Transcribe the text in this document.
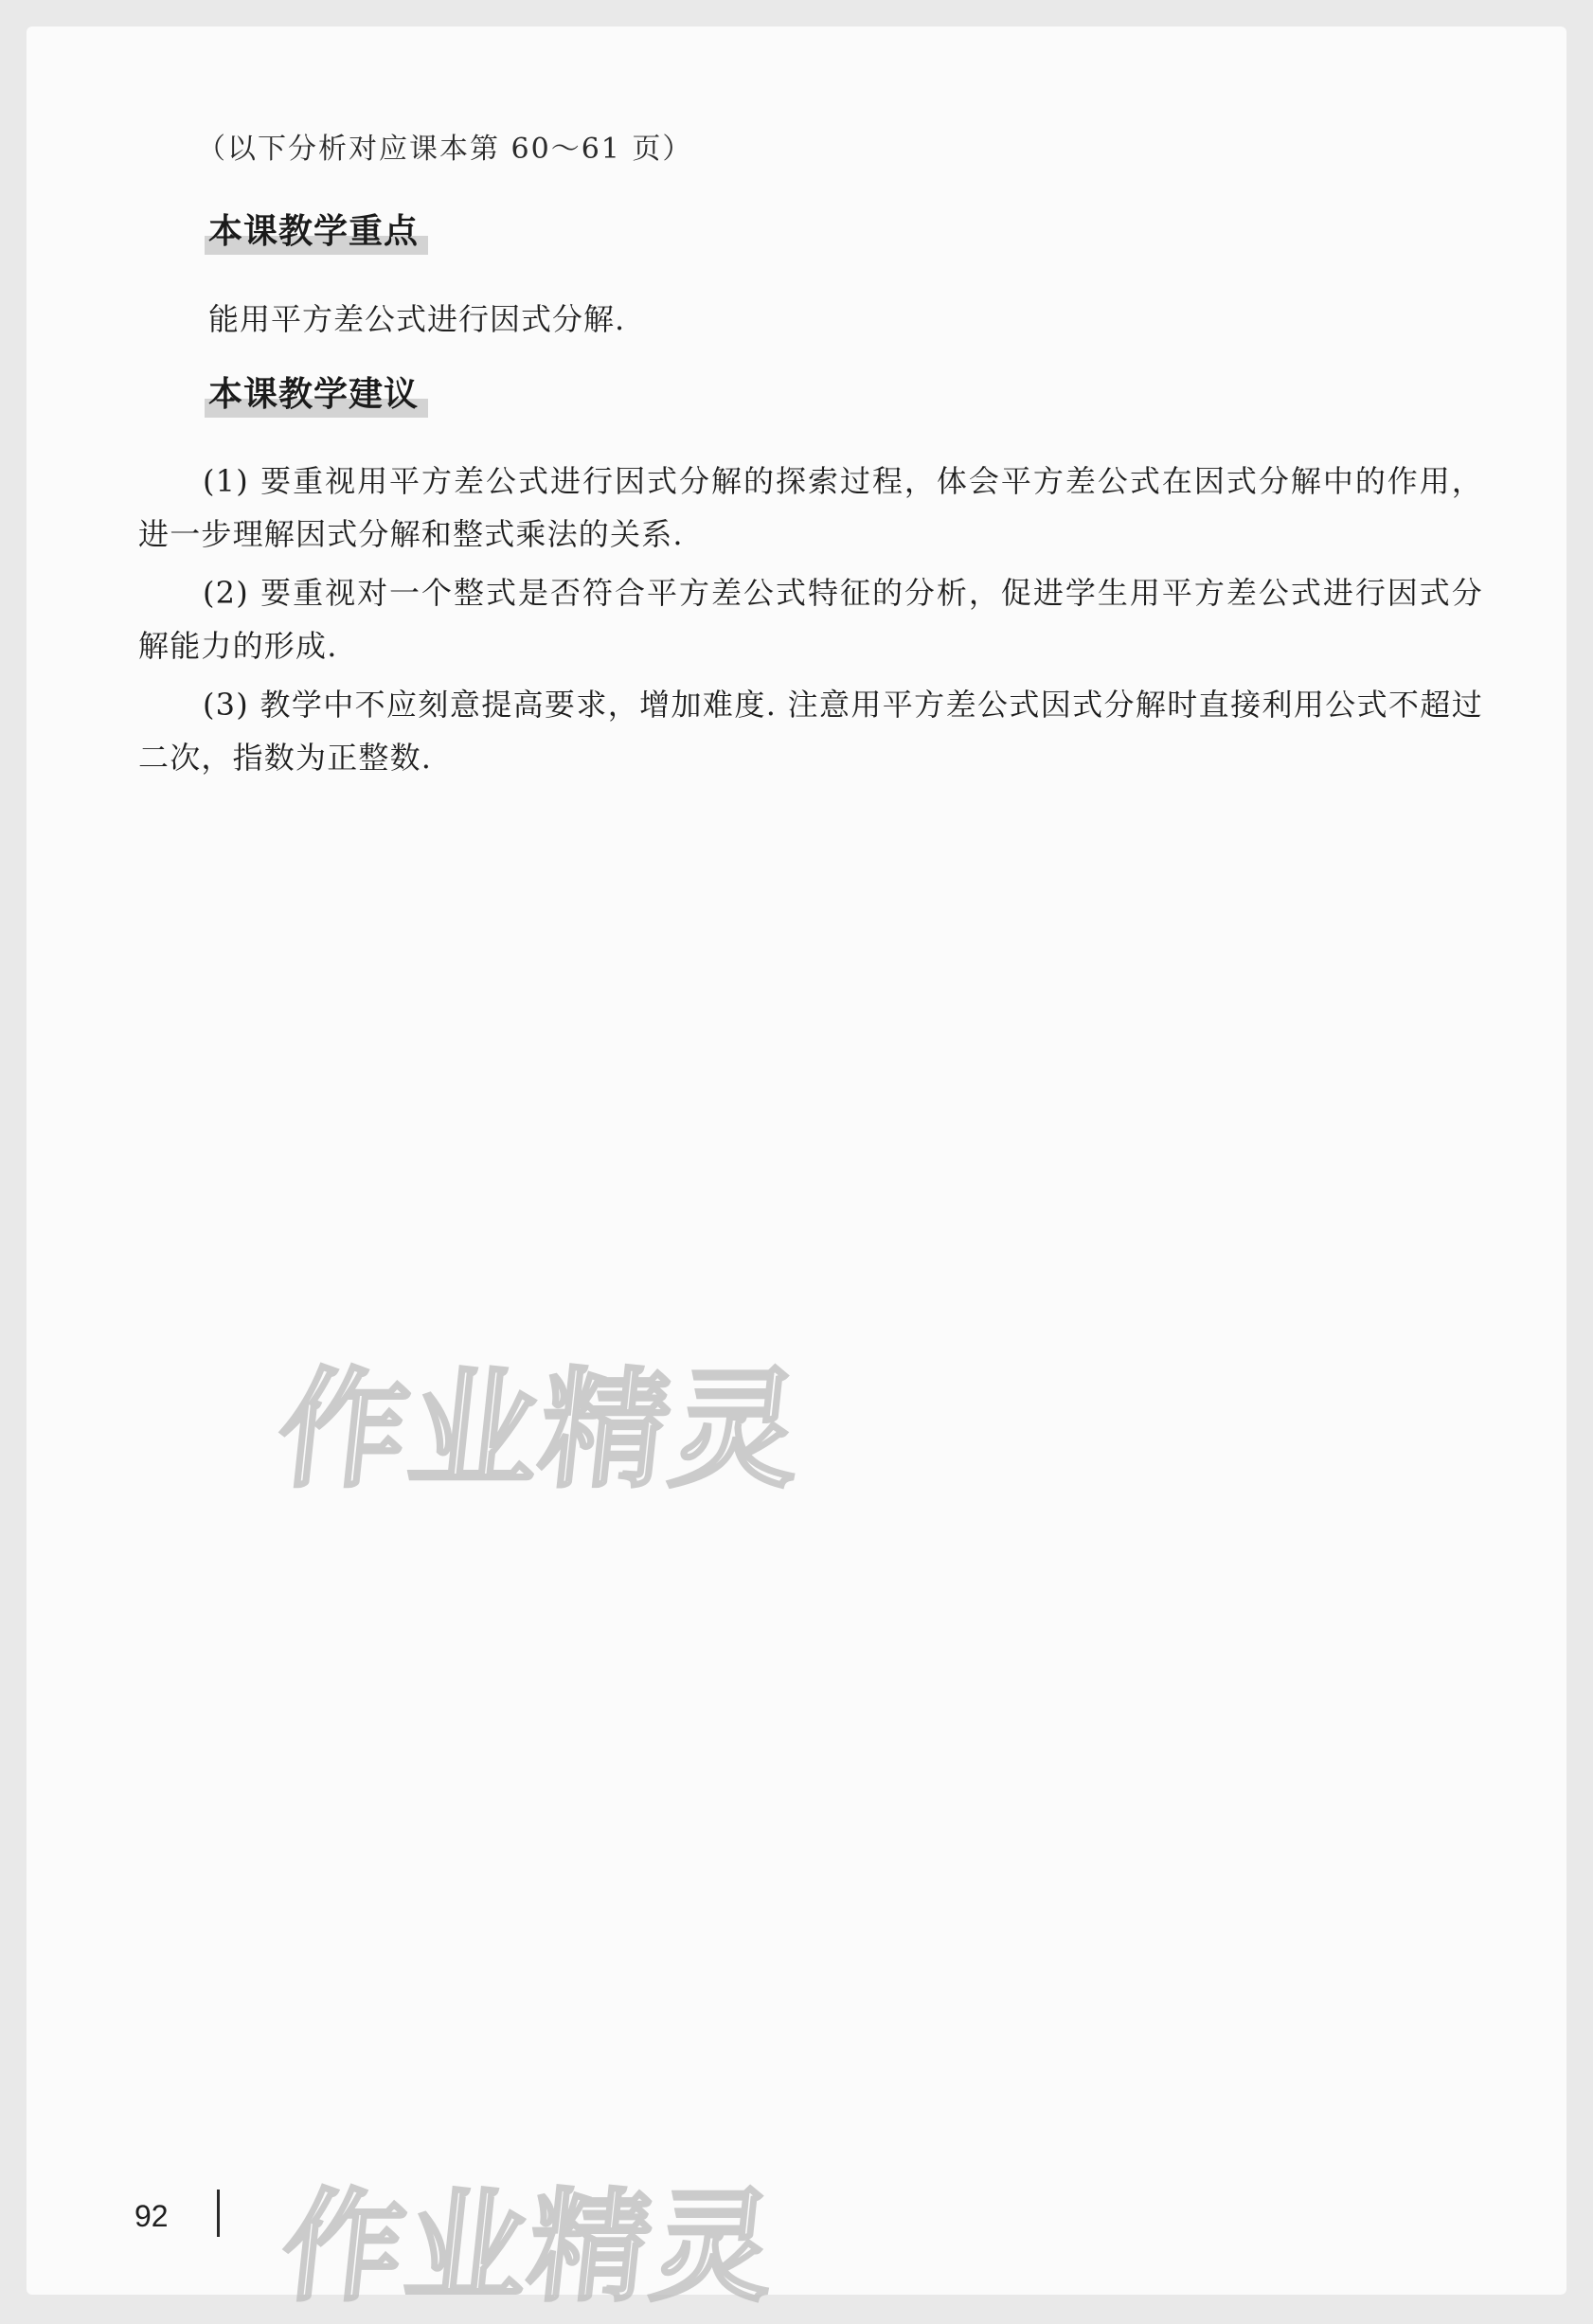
（以下分析对应课本第 60～61 页）
本课教学重点
能用平方差公式进行因式分解.
本课教学建议
(1) 要重视用平方差公式进行因式分解的探索过程，体会平方差公式在因式分解中的作用，进一步理解因式分解和整式乘法的关系.
(2) 要重视对一个整式是否符合平方差公式特征的分析，促进学生用平方差公式进行因式分解能力的形成.
(3) 教学中不应刻意提高要求，增加难度. 注意用平方差公式因式分解时直接利用公式不超过二次，指数为正整数.
作业精灵
作业精灵
92
